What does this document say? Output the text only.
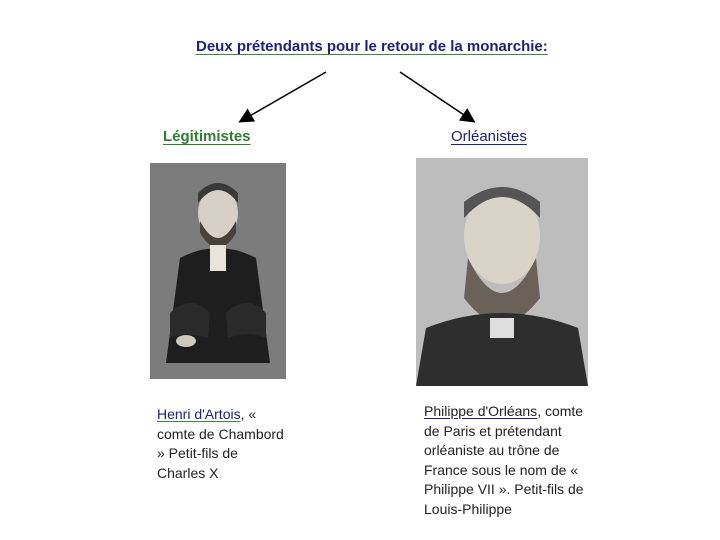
Deux prétendants pour le retour de la monarchie:
Légitimistes	Orléanistes
Henri d'Artois, « comte de Chambord » Petit-fils de Charles X
Philippe d'Orléans, comte de Paris et prétendant orléaniste au trône de France sous le nom de « Philippe VII ». Petit-fils de Louis-Philippe
